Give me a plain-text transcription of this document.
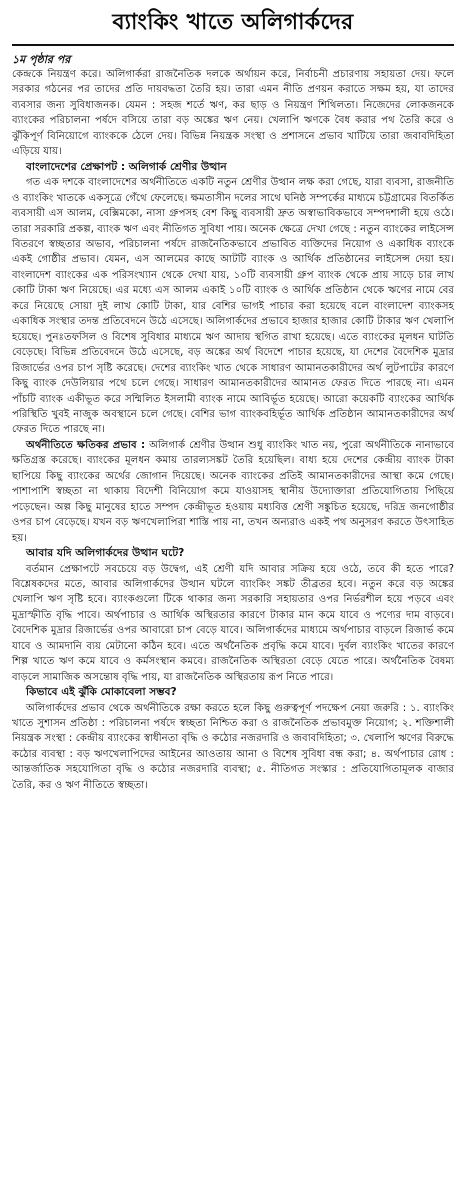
ব্যাংকিং খাতে অলিগার্কদের
১ম পৃষ্ঠার পর

কেন্দ্রকে নিয়ন্ত্রণ করে। অলিগার্করা রাজনৈতিক দলকে অর্থায়ন করে, নির্বাচনী প্রচারণায় সহায়তা দেয়। ফলে সরকার গঠনের পর তাদের প্রতি দায়বদ্ধতা তৈরি হয়। তারা এমন নীতি প্রণয়ন করাতে সক্ষম হয়, যা তাদের ব্যবসার জন্য সুবিধাজনক। যেমন : সহজ শর্তে ঋণ, কর ছাড় ও নিয়ন্ত্রণ শিথিলতা। নিজেদের লোকজনকে ব্যাংকের পরিচালনা পর্ষদে বসিয়ে তারা বড় অঙ্কের ঋণ নেয়। খেলাপি ঋণকে বৈধ করার পথ তৈরি করে ও ঝুঁকিপূর্ণ বিনিয়োগে ব্যাংককে ঠেলে দেয়। বিভিন্ন নিয়ন্ত্রক সংস্থা ও প্রশাসনে প্রভাব খাটিয়ে তারা জবাবদিহিতা এড়িয়ে যায়।

বাংলাদেশের প্রেক্ষাপট : অলিগার্ক শ্রেণীর উত্থান

গত এক দশকে বাংলাদেশের অর্থনীতিতে একটি নতুন শ্রেণীর উত্থান লক্ষ করা গেছে, যারা ব্যবসা, রাজনীতি ও ব্যাংকিং খাতকে একসূত্রে গেঁথে ফেলেছে। ক্ষমতাসীন দলের সাথে ঘনিষ্ঠ সম্পর্কের মাধ্যমে চট্টগ্রামের বিতর্কিত ব্যবসায়ী এস আলম, বেক্সিমকো, নাসা গ্রুপসহ বেশ কিছু ব্যবসায়ী দ্রুত অস্বাভাবিকভাবে সম্পদশালী হয়ে ওঠে। তারা সরকারি প্রকল্প, ব্যাংক ঋণ এবং নীতিগত সুবিধা পায়। অনেক ক্ষেত্রে দেখা গেছে : নতুন ব্যাংকের লাইসেন্স বিতরণে স্বচ্ছতার অভাব, পরিচালনা পর্ষদে রাজনৈতিকভাবে প্রভাবিত ব্যক্তিদের নিয়োগ ও একাধিক ব্যাংকে একই গোষ্ঠীর প্রভাব। যেমন, এস আলমের কাছে আটটি ব্যাংক ও আর্থিক প্রতিষ্ঠানের লাইসেন্স দেয়া হয়। বাংলাদেশ ব্যাংকের এক পরিসংখ্যান থেকে দেখা যায়, ১০টি ব্যবসায়ী গ্রুপ ব্যাংক থেকে প্রায় সাড়ে চার লাখ কোটি টাকা ঋণ নিয়েছে। এর মধ্যে এস আলম একাই ১০টি ব্যাংক ও আর্থিক প্রতিষ্ঠান থেকে ঋণের নামে বের করে নিয়েছে সোয়া দুই লাখ কোটি টাকা, যার বেশির ভাগই পাচার করা হয়েছে বলে বাংলাদেশ ব্যাংকসহ একাধিক সংস্থার তদন্ত প্রতিবেদনে উঠে এসেছে। অলিগার্কদের প্রভাবে হাজার হাজার কোটি টাকার ঋণ খেলাপি হয়েছে। পুনঃতফসিল ও বিশেষ সুবিধার মাধ্যমে ঋণ আদায় স্থগিত রাখা হয়েছে। এতে ব্যাংকের মূলধন ঘাটতি বেড়েছে। বিভিন্ন প্রতিবেদনে উঠে এসেছে, বড় অঙ্কের অর্থ বিদেশে পাচার হয়েছে, যা দেশের বৈদেশিক মুদ্রার রিজার্ভের ওপর চাপ সৃষ্টি করেছে। দেশের ব্যাংকিং খাত থেকে সাধারণ আমানতকারীদের অর্থ লুটপাটের কারণে কিছু ব্যাংক দেউলিয়ার পথে চলে গেছে। সাধারণ আমানতকারীদের আমানত ফেরত দিতে পারছে না। এমন পাঁচটি ব্যাংক একীভূত করে সম্মিলিত ইসলামী ব্যাংক নামে আবির্ভূত হয়েছে। আরো কয়েকটি ব্যাংকের আর্থিক পরিস্থিতি খুবই নাজুক অবস্থানে চলে গেছে। বেশির ভাগ ব্যাংকবহির্ভূত আর্থিক প্রতিষ্ঠান আমানতকারীদের অর্থ ফেরত দিতে পারছে না।

অর্থনীতিতে ক্ষতিকর প্রভাব : অলিগার্ক শ্রেণীর উত্থান শুধু ব্যাংকিং খাত নয়, পুরো অর্থনীতিকে নানাভাবে ক্ষতিগ্রস্ত করেছে। ব্যাংকের মূলধন কমায় তারল্যসঙ্কট তৈরি হয়েছিল। বাধ্য হয়ে দেশের কেন্দ্রীয় ব্যাংক টাকা ছাপিয়ে কিছু ব্যাংকের অর্থের জোগান দিয়েছে। অনেক ব্যাংকের প্রতিই আমানতকারীদের আস্থা কমে গেছে। পাশাপাশি স্বচ্ছতা না থাকায় বিদেশী বিনিয়োগ কমে যাওয়াসহ স্থানীয় উদ্যোক্তারা প্রতিযোগিতায় পিছিয়ে পড়েছেন। অল্প কিছু মানুষের হাতে সম্পদ কেন্দ্রীভূত হওয়ায় মধ্যবিত্ত শ্রেণী সঙ্কুচিত হয়েছে, দরিদ্র জনগোষ্ঠীর ওপর চাপ বেড়েছে। যখন বড় ঋণখেলাপিরা শাস্তি পায় না, তখন অন্যরাও একই পথ অনুসরণ করতে উৎসাহিত হয়।

আবার যদি অলিগার্কদের উত্থান ঘটে?

বর্তমান প্রেক্ষাপটে সবচেয়ে বড় উদ্বেগ, এই শ্রেণী যদি আবার সক্রিয় হয়ে ওঠে, তবে কী হতে পারে? বিশ্লেষকদের মতে, আবার অলিগার্কদের উত্থান ঘটলে ব্যাংকিং সঙ্কট তীব্রতর হবে। নতুন করে বড় অঙ্কের খেলাপি ঋণ সৃষ্টি হবে। ব্যাংকগুলো টিকে থাকার জন্য সরকারি সহায়তার ওপর নির্ভরশীল হয়ে পড়বে এবং মুদ্রাস্ফীতি বৃদ্ধি পাবে। অর্থপাচার ও আর্থিক অস্থিরতার কারণে টাকার মান কমে যাবে ও পণ্যের দাম বাড়বে। বৈদেশিক মুদ্রার রিজার্ভের ওপর আবারো চাপ বেড়ে যাবে। অলিগার্কদের মাধ্যমে অর্থপাচার বাড়লে রিজার্ভ কমে যাবে ও আমদানি ব্যয় মেটানো কঠিন হবে। এতে অর্থনৈতিক প্রবৃদ্ধি কমে যাবে। দুর্বল ব্যাংকিং খাতের কারণে শিল্প খাতে ঋণ কমে যাবে ও কর্মসংস্থান কমবে। রাজনৈতিক অস্থিরতা বেড়ে যেতে পারে। অর্থনৈতিক বৈষম্য বাড়লে সামাজিক অসন্তোষ বৃদ্ধি পায়, যা রাজনৈতিক অস্থিরতায় রূপ নিতে পারে।

কিভাবে এই ঝুঁকি মোকাবেলা সম্ভব?

অলিগার্কদের প্রভাব থেকে অর্থনীতিকে রক্ষা করতে হলে কিছু গুরুত্বপূর্ণ পদক্ষেপ নেয়া জরুরি : ১. ব্যাংকিং খাতে সুশাসন প্রতিষ্ঠা : পরিচালনা পর্ষদে স্বচ্ছতা নিশ্চিত করা ও রাজনৈতিক প্রভাবমুক্ত নিয়োগ; ২. শক্তিশালী নিয়ন্ত্রক সংস্থা : কেন্দ্রীয় ব্যাংকের স্বাধীনতা বৃদ্ধি ও কঠোর নজরদারি ও জবাবদিহিতা; ৩. খেলাপি ঋণের বিরুদ্ধে কঠোর ব্যবস্থা : বড় ঋণখেলাপিদের আইনের আওতায় আনা ও বিশেষ সুবিধা বন্ধ করা; ৪. অর্থপাচার রোধ : আন্তর্জাতিক সহযোগিতা বৃদ্ধি ও কঠোর নজরদারি ব্যবস্থা; ৫. নীতিগত সংস্কার : প্রতিযোগিতামূলক বাজার তৈরি, কর ও ঋণ নীতিতে স্বচ্ছতা।
